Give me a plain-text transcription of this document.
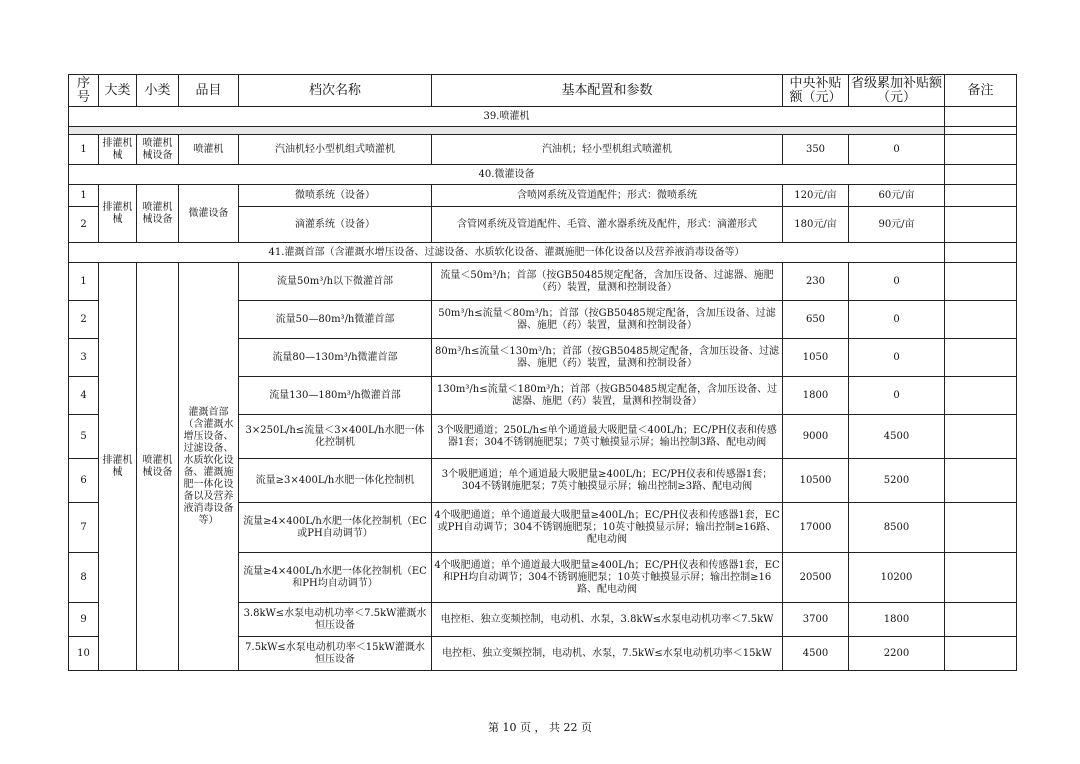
序号	大类	小类	品目	档次名称	基本配置和参数	中央补贴额（元）	省级累加补贴额（元）	备注
39.喷灌机								

1	排灌机械	喷灌机械设备	喷灌机	汽油机轻小型机组式喷灌机	汽油机；轻小型机组式喷灌机	350	0	
40.微灌设备								
1	排灌机械	喷灌机械设备	微灌设备	微喷系统（设备）	含喷网系统及管道配件；形式：微喷系统	120元/亩	60元/亩	
2				滴灌系统（设备）	含管网系统及管道配件、毛管、灌水器系统及配件，形式：滴灌形式	180元/亩	90元/亩	
41.灌溉首部（含灌溉水增压设备、过滤设备、水质软化设备、灌溉施肥一体化设备以及营养液消毒设备等）								
1	排灌机械	喷灌机械设备	灌溉首部（含灌溉水增压设备、过滤设备、水质软化设备、灌溉施肥一体化设备以及营养液消毒设备等）	流量50m³/h以下微灌首部	流量＜50m³/h；首部（按GB50485规定配备，含加压设备、过滤器、施肥（药）装置，量测和控制设备）	230	0	
2				流量50—80m³/h微灌首部	50m³/h≤流量＜80m³/h；首部（按GB50485规定配备，含加压设备、过滤器、施肥（药）装置，量测和控制设备）	650	0	
3				流量80—130m³/h微灌首部	80m³/h≤流量＜130m³/h；首部（按GB50485规定配备，含加压设备、过滤器、施肥（药）装置，量测和控制设备）	1050	0	
4				流量130—180m³/h微灌首部	130m³/h≤流量＜180m³/h；首部（按GB50485规定配备，含加压设备、过滤器、施肥（药）装置，量测和控制设备）	1800	0	
5				3×250L/h≤流量＜3×400L/h水肥一体化控制机	3个吸肥通道；250L/h≤单个通道最大吸肥量＜400L/h；EC/PH仪表和传感器1套；304不锈钢施肥泵；7英寸触摸显示屏；输出控制3路、配电动阀	9000	4500	
6				流量≥3×400L/h水肥一体化控制机	3个吸肥通道；单个通道最大吸肥量≥400L/h；EC/PH仪表和传感器1套；304不锈钢施肥泵；7英寸触摸显示屏；输出控制≥3路、配电动阀	10500	5200	
7				流量≥4×400L/h水肥一体化控制机（EC或PH自动调节）	4个吸肥通道；单个通道最大吸肥量≥400L/h；EC/PH仪表和传感器1套，EC或PH自动调节；304不锈钢施肥泵；10英寸触摸显示屏；输出控制≥16路、配电动阀	17000	8500	
8				流量≥4×400L/h水肥一体化控制机（EC和PH均自动调节）	4个吸肥通道；单个通道最大吸肥量≥400L/h；EC/PH仪表和传感器1套，EC和PH均自动调节；304不锈钢施肥泵；10英寸触摸显示屏；输出控制≥16路、配电动阀	20500	10200	
9				3.8kW≤水泵电动机功率＜7.5kW灌溉水恒压设备	电控柜、独立变频控制，电动机、水泵，3.8kW≤水泵电动机功率＜7.5kW	3700	1800	
10				7.5kW≤水泵电动机功率＜15kW灌溉水恒压设备	电控柜、独立变频控制，电动机、水泵，7.5kW≤水泵电动机功率＜15kW	4500	2200	
第 10 页 ， 共 22 页
